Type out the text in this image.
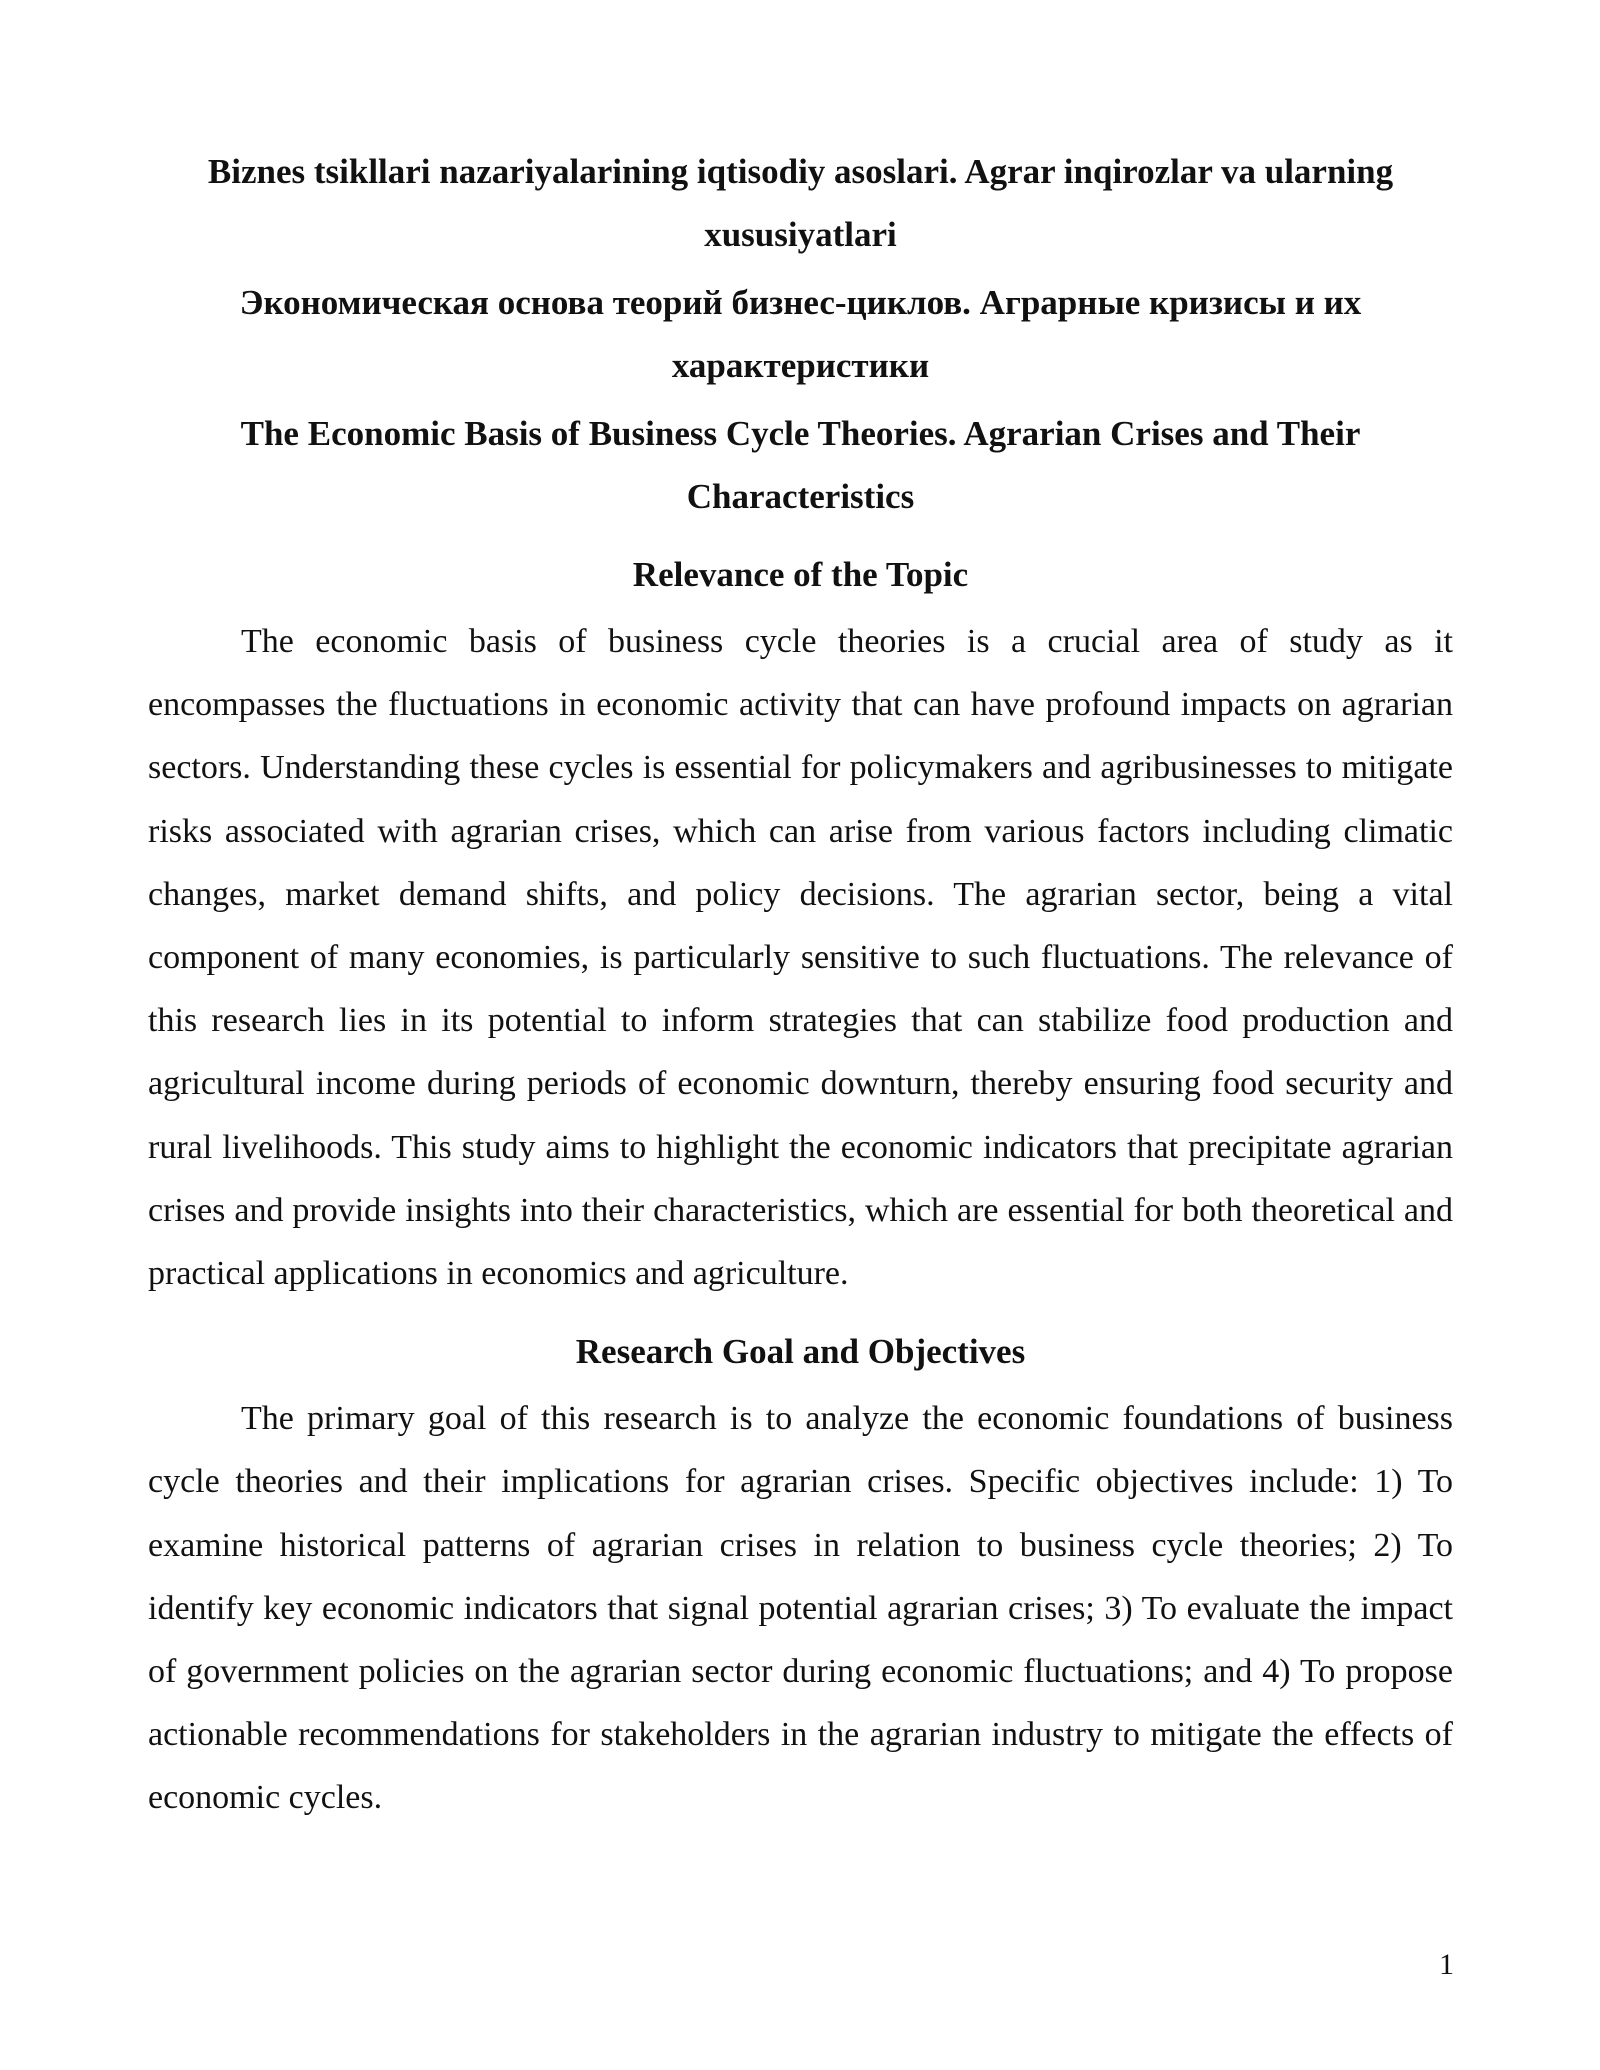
Biznes tsikllari nazariyalarining iqtisodiy asoslari. Agrar inqirozlar va ularning xususiyatlari
Экономическая основа теорий бизнес-циклов. Аграрные кризисы и их характеристики
The Economic Basis of Business Cycle Theories. Agrarian Crises and Their Characteristics
Relevance of the Topic

The economic basis of business cycle theories is a crucial area of study as it encompasses the fluctuations in economic activity that can have profound impacts on agrarian sectors. Understanding these cycles is essential for policymakers and agribusinesses to mitigate risks associated with agrarian crises, which can arise from various factors including climatic changes, market demand shifts, and policy decisions. The agrarian sector, being a vital component of many economies, is particularly sensitive to such fluctuations. The relevance of this research lies in its potential to inform strategies that can stabilize food production and agricultural income during periods of economic downturn, thereby ensuring food security and rural livelihoods. This study aims to highlight the economic indicators that precipitate agrarian crises and provide insights into their characteristics, which are essential for both theoretical and practical applications in economics and agriculture.

Research Goal and Objectives

The primary goal of this research is to analyze the economic foundations of business cycle theories and their implications for agrarian crises. Specific objectives include: 1) To examine historical patterns of agrarian crises in relation to business cycle theories; 2) To identify key economic indicators that signal potential agrarian crises; 3) To evaluate the impact of government policies on the agrarian sector during economic fluctuations; and 4) To propose actionable recommendations for stakeholders in the agrarian industry to mitigate the effects of economic cycles.

1
